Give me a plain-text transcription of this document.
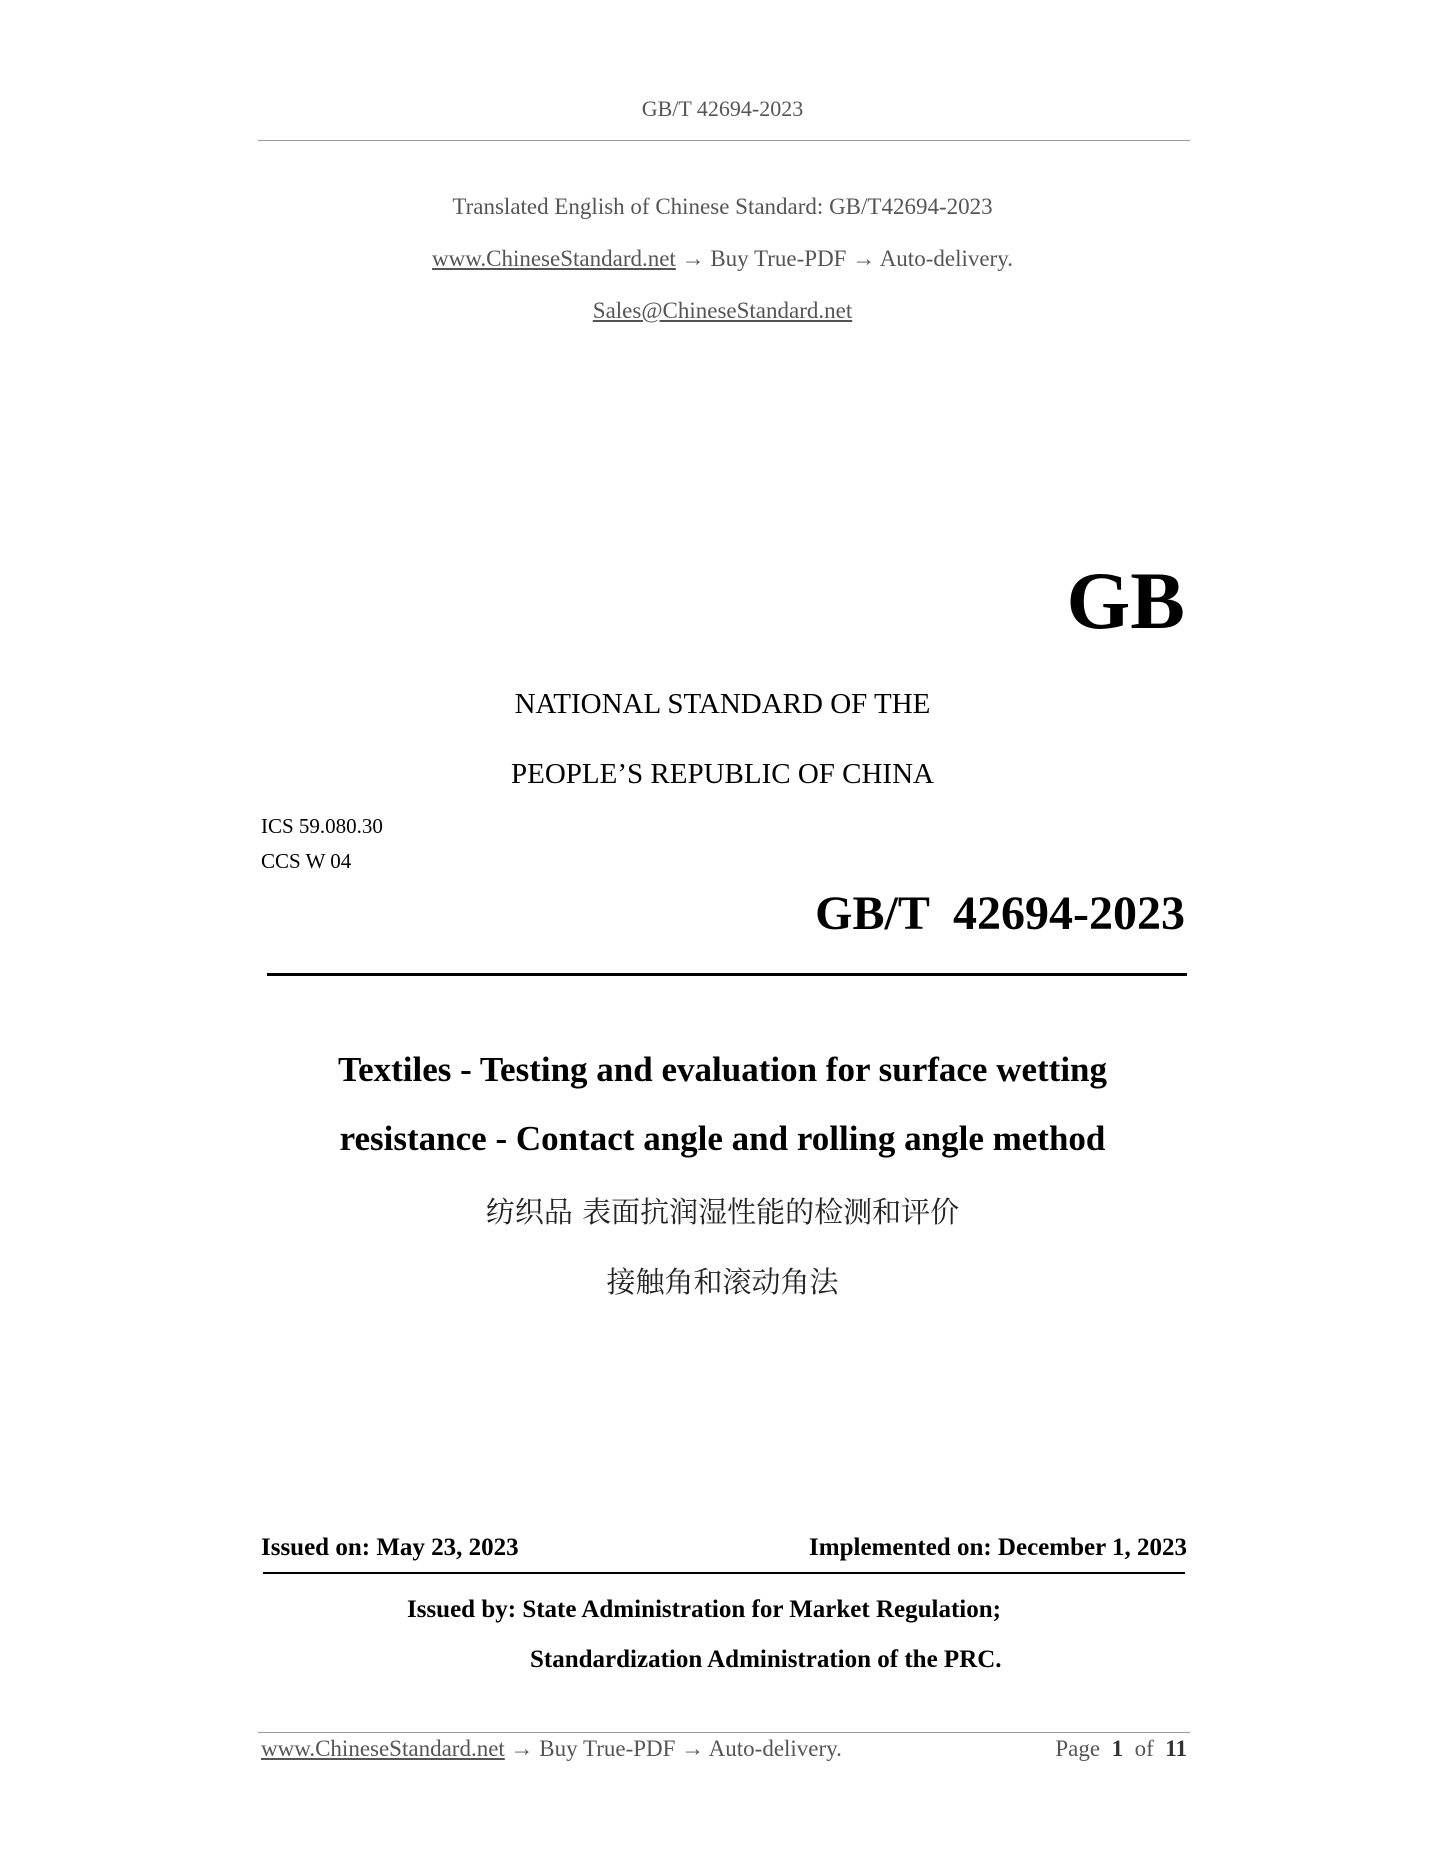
GB/T 42694-2023
Translated English of Chinese Standard: GB/T42694-2023
www.ChineseStandard.net → Buy True-PDF → Auto-delivery.
Sales@ChineseStandard.net
GB
NATIONAL STANDARD OF THE
PEOPLE’S REPUBLIC OF CHINA
ICS 59.080.30
CCS W 04
GB/T  42694-2023
Textiles - Testing and evaluation for surface wetting
resistance - Contact angle and rolling angle method
纺织品 表面抗润湿性能的检测和评价
接触角和滚动角法
Issued on: May 23, 2023	Implemented on: December 1, 2023
Issued by: State Administration for Market Regulation;
Standardization Administration of the PRC.
www.ChineseStandard.net → Buy True-PDF → Auto-delivery.	Page 1 of 11
